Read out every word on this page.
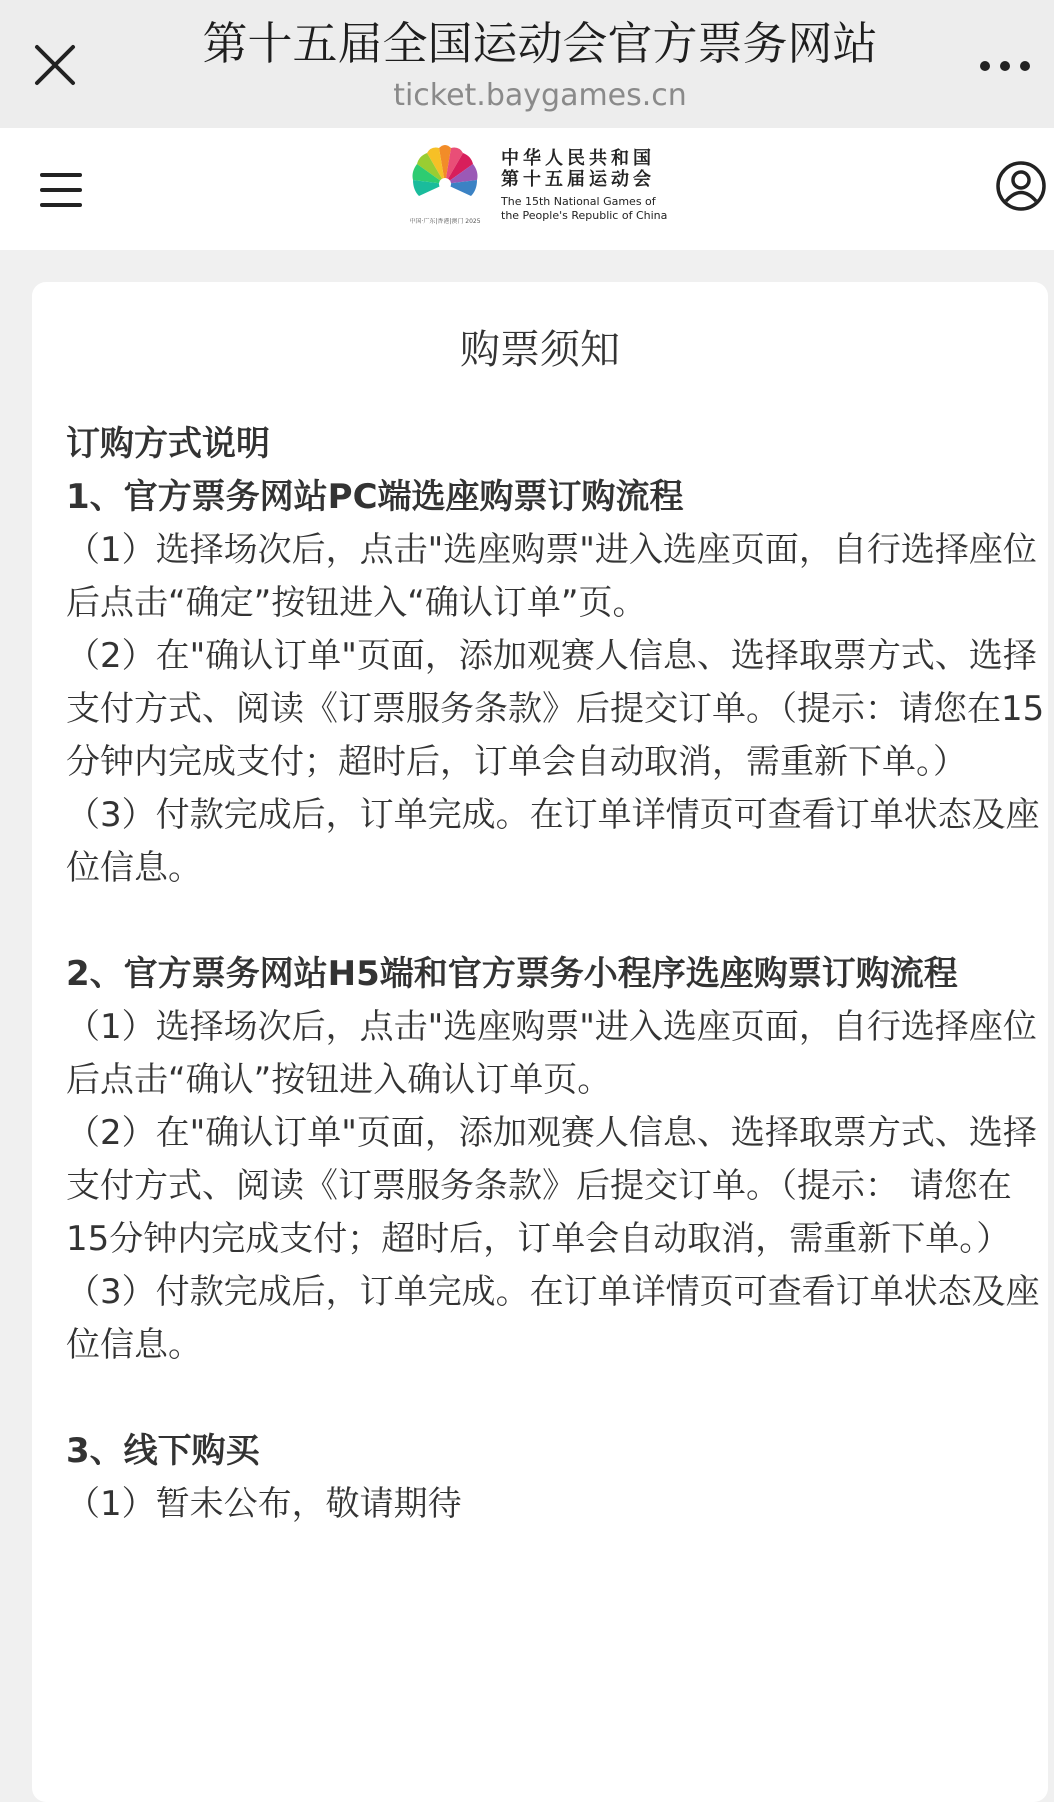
第十五届全国运动会官方票务网站
ticket.baygames.cn
中国·广东|香港|澳门 2025
中华人民共和国
第十五届运动会
The 15th National Games of
the People's Republic of China
购票须知

订购方式说明

1、官方票务网站PC端选座购票订购流程

（1）选择场次后，点击"选座购票"进入选座页面，自行选择座位后点击“确定”按钮进入“确认订单”页。

（2）在"确认订单"页面，添加观赛人信息、选择取票方式、选择支付方式、阅读《订票服务条款》后提交订单。（提示：请您在15分钟内完成支付；超时后，订单会自动取消，需重新下单。）

（3）付款完成后，订单完成。在订单详情页可查看订单状态及座位信息。

2、官方票务网站H5端和官方票务小程序选座购票订购流程

（1）选择场次后，点击"选座购票"进入选座页面，自行选择座位后点击“确认”按钮进入确认订单页。

（2）在"确认订单"页面，添加观赛人信息、选择取票方式、选择支付方式、阅读《订票服务条款》后提交订单。（提示： 请您在15分钟内完成支付；超时后，订单会自动取消，需重新下单。）

（3）付款完成后，订单完成。在订单详情页可查看订单状态及座位信息。

3、线下购买

（1）暂未公布，敬请期待
